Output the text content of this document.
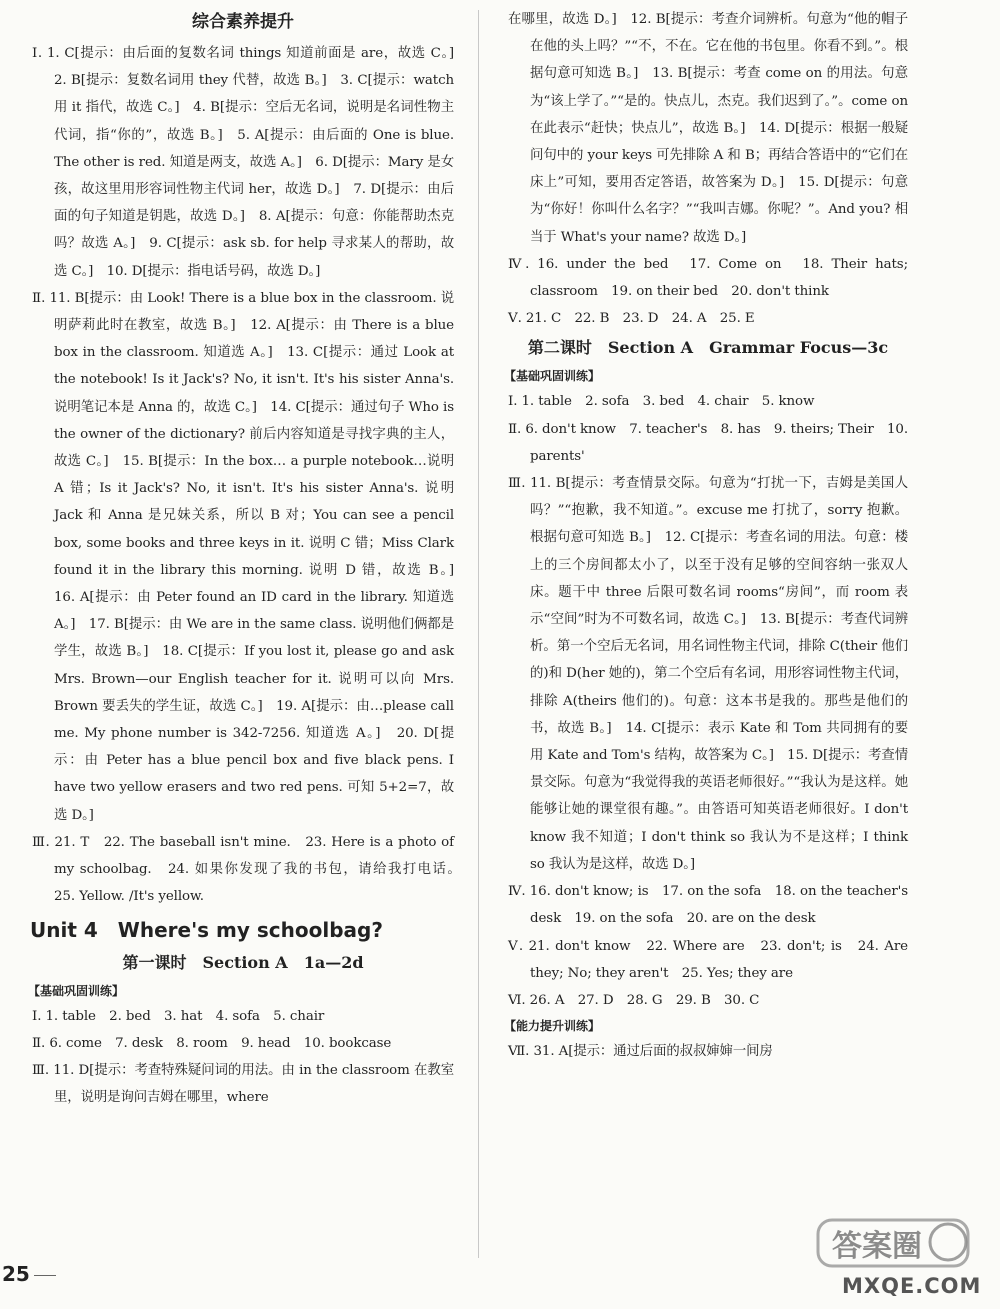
综合素养提升

Ⅰ. 1. C[提示：由后面的复数名词 things 知道前面是 are，故选 C。]　2. B[提示：复数名词用 they 代替，故选 B。]　3. C[提示：watch 用 it 指代，故选 C。]　4. B[提示：空后无名词，说明是名词性物主代词，指“你的”，故选 B。]　5. A[提示：由后面的 One is blue. The other is red. 知道是两支，故选 A。]　6. D[提示：Mary 是女孩，故这里用形容词性物主代词 her，故选 D。]　7. D[提示：由后面的句子知道是钥匙，故选 D。]　8. A[提示：句意：你能帮助杰克吗？故选 A。]　9. C[提示：ask sb. for help 寻求某人的帮助，故选 C。]　10. D[提示：指电话号码，故选 D。]

Ⅱ. 11. B[提示：由 Look! There is a blue box in the classroom. 说明萨莉此时在教室，故选 B。]　12. A[提示：由 There is a blue box in the classroom. 知道选 A。]　13. C[提示：通过 Look at the notebook! Is it Jack's? No, it isn't. It's his sister Anna's. 说明笔记本是 Anna 的，故选 C。]　14. C[提示：通过句子 Who is the owner of the dictionary? 前后内容知道是寻找字典的主人，故选 C。]　15. B[提示：In the box… a purple notebook…说明 A 错；Is it Jack's? No, it isn't. It's his sister Anna's. 说明 Jack 和 Anna 是兄妹关系，所以 B 对；You can see a pencil box, some books and three keys in it. 说明 C 错；Miss Clark found it in the library this morning. 说明 D 错，故选 B。]　16. A[提示：由 Peter found an ID card in the library. 知道选 A。]　17. B[提示：由 We are in the same class. 说明他们俩都是学生，故选 B。]　18. C[提示：If you lost it, please go and ask Mrs. Brown—our English teacher for it. 说明可以向 Mrs. Brown 要丢失的学生证，故选 C。]　19. A[提示：由…please call me. My phone number is 342-7256. 知道选 A。]　20. D[提示：由 Peter has a blue pencil box and five black pens. I have two yellow erasers and two red pens. 可知 5+2=7，故选 D。]

Ⅲ. 21. T　22. The baseball isn't mine.　23. Here is a photo of my schoolbag.　24. 如果你发现了我的书包，请给我打电话。　25. Yellow. /It's yellow.

Unit 4　Where's my schoolbag?
第一课时　Section A　1a—2d
【基础巩固训练】

Ⅰ. 1. table　2. bed　3. hat　4. sofa　5. chair

Ⅱ. 6. come　7. desk　8. room　9. head　10. bookcase

Ⅲ. 11. D[提示：考查特殊疑问词的用法。由 in the classroom 在教室里，说明是询问吉姆在哪里，where

在哪里，故选 D。]　12. B[提示：考查介词辨析。句意为“他的帽子在他的头上吗？”“不，不在。它在他的书包里。你看不到。”。根据句意可知选 B。]　13. B[提示：考查 come on 的用法。句意为“该上学了。”“是的。快点儿，杰克。我们迟到了。”。come on 在此表示“赶快；快点儿”，故选 B。]　14. D[提示：根据一般疑问句中的 your keys 可先排除 A 和 B；再结合答语中的“它们在床上”可知，要用否定答语，故答案为 D。]　15. D[提示：句意为“你好！你叫什么名字？”“我叫吉娜。你呢？”。And you? 相当于 What's your name? 故选 D。]

Ⅳ. 16. under the bed　17. Come on　18. Their hats; classroom　19. on their bed　20. don't think

Ⅴ. 21. C　22. B　23. D　24. A　25. E

第二课时　Section A　Grammar Focus—3c
【基础巩固训练】

Ⅰ. 1. table　2. sofa　3. bed　4. chair　5. know

Ⅱ. 6. don't know　7. teacher's　8. has　9. theirs; Their　10. parents'

Ⅲ. 11. B[提示：考查情景交际。句意为“打扰一下，吉姆是美国人吗？”“抱歉，我不知道。”。excuse me 打扰了，sorry 抱歉。根据句意可知选 B。]　12. C[提示：考查名词的用法。句意：楼上的三个房间都太小了，以至于没有足够的空间容纳一张双人床。题干中 three 后限可数名词 rooms“房间”，而 room 表示“空间”时为不可数名词，故选 C。]　13. B[提示：考查代词辨析。第一个空后无名词，用名词性物主代词，排除 C(their 他们的)和 D(her 她的)，第二个空后有名词，用形容词性物主代词，排除 A(theirs 他们的)。句意：这本书是我的。那些是他们的书，故选 B。]　14. C[提示：表示 Kate 和 Tom 共同拥有的要用 Kate and Tom's 结构，故答案为 C。]　15. D[提示：考查情景交际。句意为“我觉得我的英语老师很好。”“我认为是这样。她能够让她的课堂很有趣。”。由答语可知英语老师很好。I don't know 我不知道；I don't think so 我认为不是这样；I think so 我认为是这样，故选 D。]

Ⅳ. 16. don't know; is　17. on the sofa　18. on the teacher's desk　19. on the sofa　20. are on the desk

Ⅴ. 21. don't know　22. Where are　23. don't; is　24. Are they; No; they aren't　25. Yes; they are

Ⅵ. 26. A　27. D　28. G　29. B　30. C

【能力提升训练】

Ⅶ. 31. A[提示：通过后面的叔叔婶婶一间房

25
答案圈
MXQE.COM
